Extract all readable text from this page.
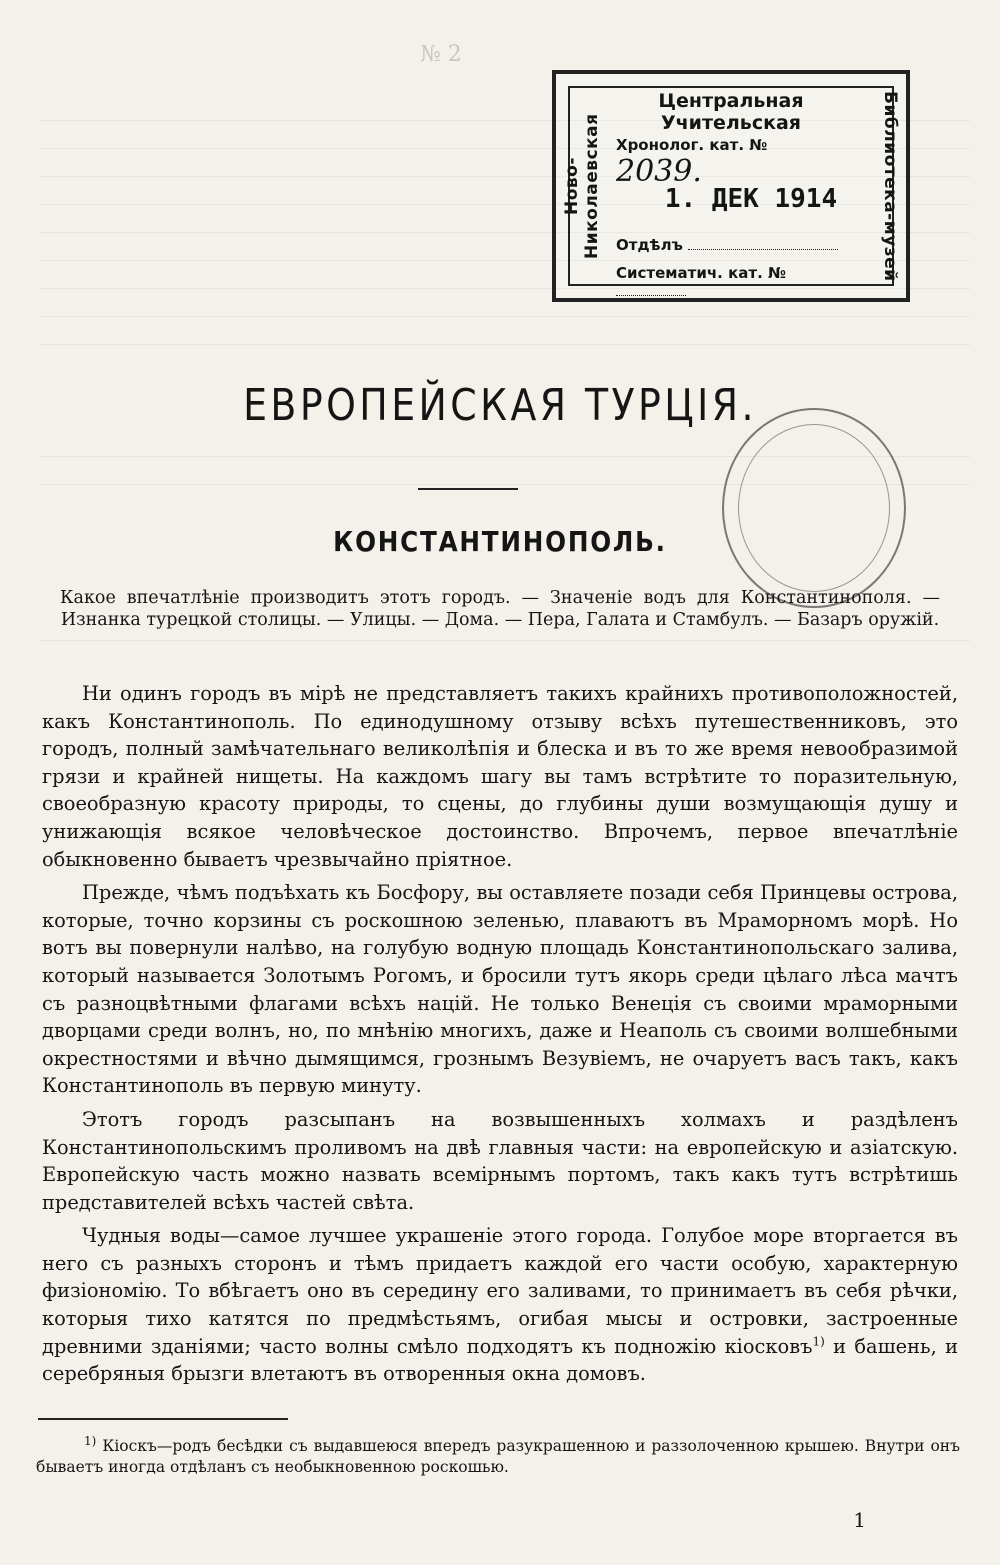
№ 2
Ново-Николаевская	Библиотека-музей
Центральная Учительская
Хронолог. кат. № 2039.
1. ДЕК 1914
Отдѣлъ
Систематич. кат. №
ЕВРОПЕЙСКАЯ ТУРЦІЯ.
КОНСТАНТИНОПОЛЬ.
Какое впечатлѣніе производитъ этотъ городъ. — Значеніе водъ для Константинополя. — Изнанка турецкой столицы. — Улицы. — Дома. — Пера, Галата и Стамбулъ. — Базаръ оружій.

Ни одинъ городъ въ мірѣ не представляетъ такихъ крайнихъ противоположностей, какъ Константинополь. По единодушному отзыву всѣхъ путешественниковъ, это городъ, полный замѣчательнаго великолѣпія и блеска и въ то же время невообразимой грязи и крайней нищеты. На каждомъ шагу вы тамъ встрѣтите то поразительную, своеобразную красоту природы, то сцены, до глубины души возмущающія душу и унижающія всякое человѣческое достоинство. Впрочемъ, первое впечатлѣніе обыкновенно бываетъ чрезвычайно пріятное.

Прежде, чѣмъ подъѣхать къ Босфору, вы оставляете позади себя Принцевы острова, которые, точно корзины съ роскошною зеленью, плаваютъ въ Мраморномъ морѣ. Но вотъ вы повернули налѣво, на голубую водную площадь Константинопольскаго залива, который называется Золотымъ Рогомъ, и бросили тутъ якорь среди цѣлаго лѣса мачтъ съ разноцвѣтными флагами всѣхъ націй. Не только Венеція съ своими мраморными дворцами среди волнъ, но, по мнѣнію многихъ, даже и Неаполь съ своими волшебными окрестностями и вѣчно дымящимся, грознымъ Везувіемъ, не очаруетъ васъ такъ, какъ Константинополь въ первую минуту.

Этотъ городъ разсыпанъ на возвышенныхъ холмахъ и раздѣленъ Константинопольскимъ проливомъ на двѣ главныя части: на европейскую и азіатскую. Европейскую часть можно назвать всемірнымъ портомъ, такъ какъ тутъ встрѣтишь представителей всѣхъ частей свѣта.

Чудныя воды—самое лучшее украшеніе этого города. Голубое море вторгается въ него съ разныхъ сторонъ и тѣмъ придаетъ каждой его части особую, характерную физіономію. То вбѣгаетъ оно въ середину его заливами, то принимаетъ въ себя рѣчки, которыя тихо катятся по предмѣстьямъ, огибая мысы и островки, застроенные древними зданіями; часто волны смѣло подходятъ къ подножію кіосковъ$^{1)}$ и башень, и серебряныя брызги влетаютъ въ отворенныя окна домовъ.

$^{1)}$ Кіоскъ—родъ бесѣдки съ выдавшеюся впередъ разукрашенною и раззолоченною крышею. Внутри онъ бываетъ иногда отдѣланъ съ необыкновенною роскошью.

1
